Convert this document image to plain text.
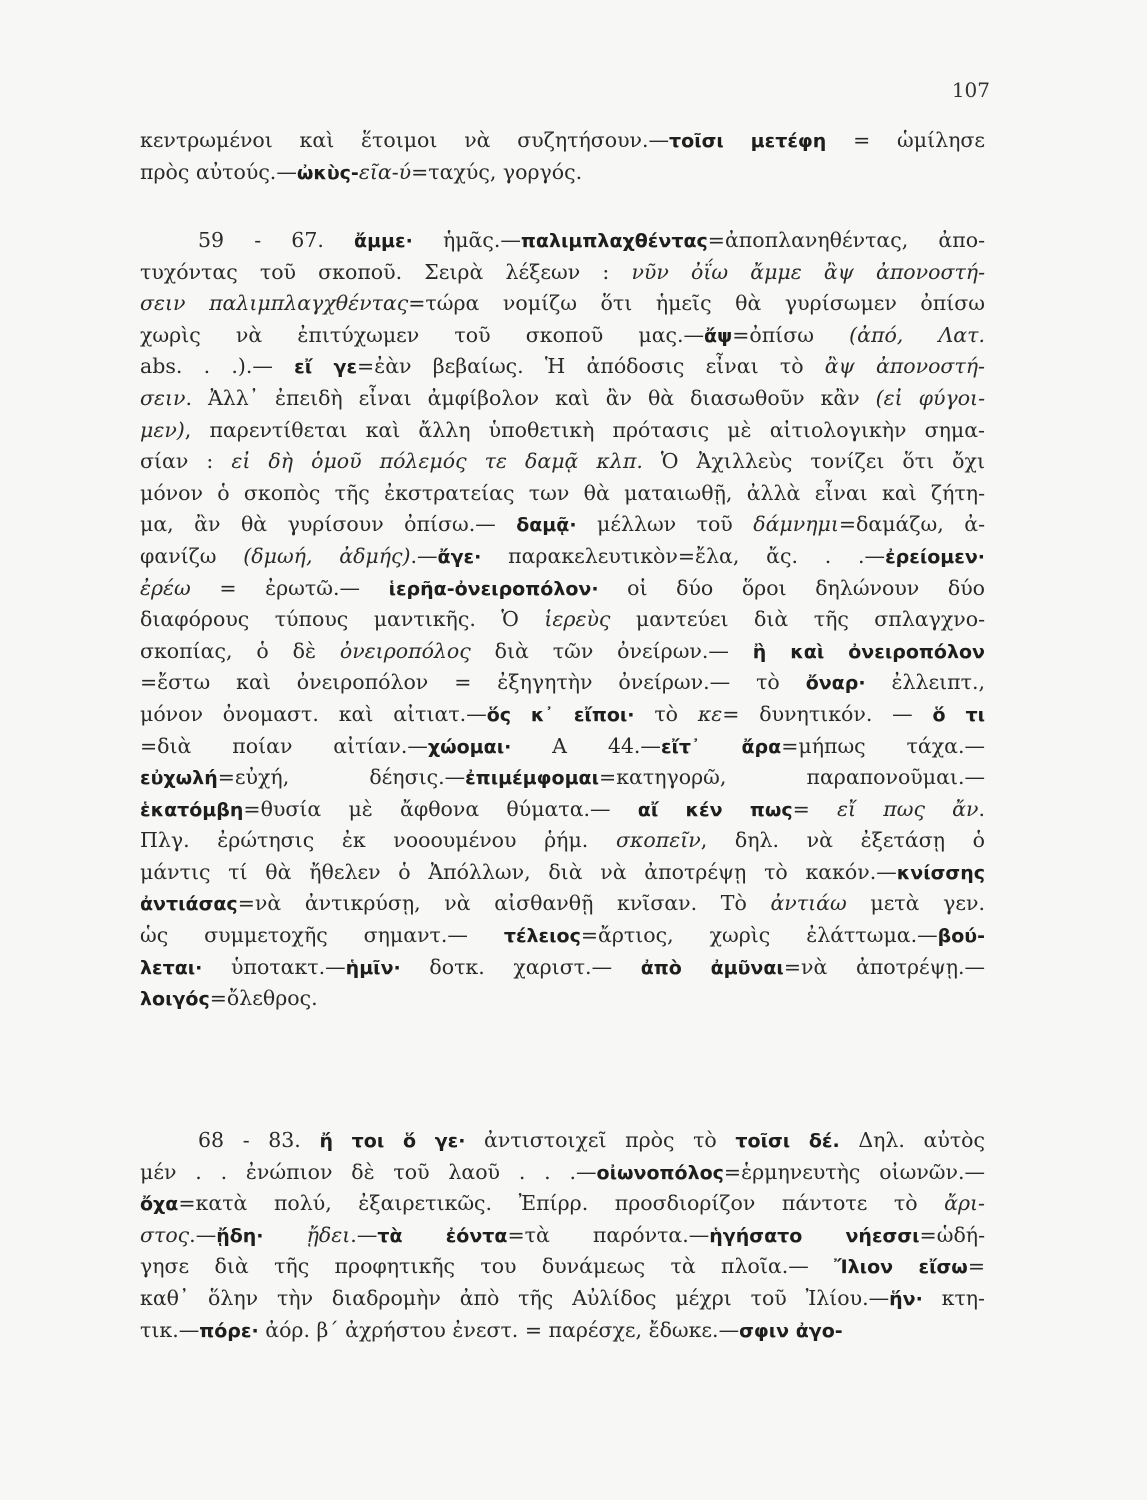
107
κεντρωμένοι καὶ ἕτοιμοι νὰ συζητήσουν.—τοῖσι μετέφη = ὡμίλησε
πρὸς αὐτούς.—ὠκὺς-εῖα-ύ=ταχύς, γοργός.
59 - 67. ἄμμε· ἡμᾶς.—παλιμπλαχθέντας=ἀποπλανηθέντας, ἀπο-
τυχόντας τοῦ σκοποῦ. Σειρὰ λέξεων : νῦν ὀΐω ἄμμε ἂψ ἀπονοστή-
σειν παλιμπλαγχθέντας=τώρα νομίζω ὅτι ἡμεῖς θὰ γυρίσωμεν ὀπίσω
χωρὶς νὰ ἐπιτύχωμεν τοῦ σκοποῦ μας.—ἄψ=ὀπίσω (ἀπό, Λατ.
abs. . .).— εἴ γε=ἐὰν βεβαίως. Ἡ ἀπόδοσις εἶναι τὸ ἂψ ἀπονοστή-
σειν. Ἀλλ᾽ ἐπειδὴ εἶναι ἀμφίβολον καὶ ἂν θὰ διασωθοῦν κἂν (εἰ φύγοι-
μεν), παρεντίθεται καὶ ἄλλη ὑποθετικὴ πρότασις μὲ αἰτιολογικὴν σημα-
σίαν : εἰ δὴ ὁμοῦ πόλεμός τε δαμᾷ κλπ. Ὁ Ἀχιλλεὺς τονίζει ὅτι ὄχι
μόνον ὁ σκοπὸς τῆς ἐκστρατείας των θὰ ματαιωθῇ, ἀλλὰ εἶναι καὶ ζήτη-
μα, ἂν θὰ γυρίσουν ὀπίσω.— δαμᾷ· μέλλων τοῦ δάμνημι=δαμάζω, ἀ-
φανίζω (δμωή, ἀδμής).—ἄγε· παρακελευτικὸν=ἔλα, ἄς. . .—ἐρείομεν·
ἐρέω = ἐρωτῶ.— ἱερῆα-ὀνειροπόλον· οἱ δύο ὅροι δηλώνουν δύο
διαφόρους τύπους μαντικῆς. Ὁ ἱερεὺς μαντεύει διὰ τῆς σπλαγχνο-
σκοπίας, ὁ δὲ ὀνειροπόλος διὰ τῶν ὀνείρων.— ἢ καὶ ὀνειροπόλον
=ἔστω καὶ ὀνειροπόλον = ἐξηγητὴν ὀνείρων.— τὸ ὄναρ· ἐλλειπτ.,
μόνον ὀνομαστ. καὶ αἰτιατ.—ὅς κ᾽ εἴποι· τὸ κε= δυνητικόν. — ὅ τι
=διὰ ποίαν αἰτίαν.—χώομαι· Α 44.—εἴτ᾽ ἄρα=μήπως τάχα.—
εὐχωλή=εὐχή, δέησις.—ἐπιμέμφομαι=κατηγορῶ, παραπονοῦμαι.—
ἑκατόμβη=θυσία μὲ ἄφθονα θύματα.— αἴ κέν πως= εἴ πως ἄν.
Πλγ. ἐρώτησις ἐκ νοοουμένου ῥήμ. σκοπεῖν, δηλ. νὰ ἐξετάσῃ ὁ
μάντις τί θὰ ἤθελεν ὁ Ἀπόλλων, διὰ νὰ ἀποτρέψῃ τὸ κακόν.—κνίσσης
ἀντιάσας=νὰ ἀντικρύσῃ, νὰ αἰσθανθῇ κνῖσαν. Τὸ ἀντιάω μετὰ γεν.
ὡς συμμετοχῆς σημαντ.— τέλειος=ἄρτιος, χωρὶς ἐλάττωμα.—βού-
λεται· ὑποτακτ.—ἡμῖν· δοτκ. χαριστ.— ἀπὸ ἀμῦναι=νὰ ἀποτρέψῃ.—
λοιγός=ὄλεθρος.
68 - 83. ἤ τοι ὅ γε· ἀντιστοιχεῖ πρὸς τὸ τοῖσι δέ. Δηλ. αὐτὸς
μέν . . ἐνώπιον δὲ τοῦ λαοῦ . . .—οἰωνοπόλος=ἑρμηνευτὴς οἰωνῶν.—
ὄχα=κατὰ πολύ, ἐξαιρετικῶς. Ἐπίρρ. προσδιορίζον πάντοτε τὸ ἄρι-
στος.—ᾔδη· ᾔδει.—τὰ ἐόντα=τὰ παρόντα.—ἡγήσατο νήεσσι=ὡδή-
γησε διὰ τῆς προφητικῆς του δυνάμεως τὰ πλοῖα.— Ἴλιον εἴσω=
καθ᾽ ὅλην τὴν διαδρομὴν ἀπὸ τῆς Αὐλίδος μέχρι τοῦ Ἰλίου.—ἥν· κτη-
τικ.—πόρε· ἀόρ. β´ ἀχρήστου ἐνεστ. = παρέσχε, ἔδωκε.—σφιν ἀγο-
